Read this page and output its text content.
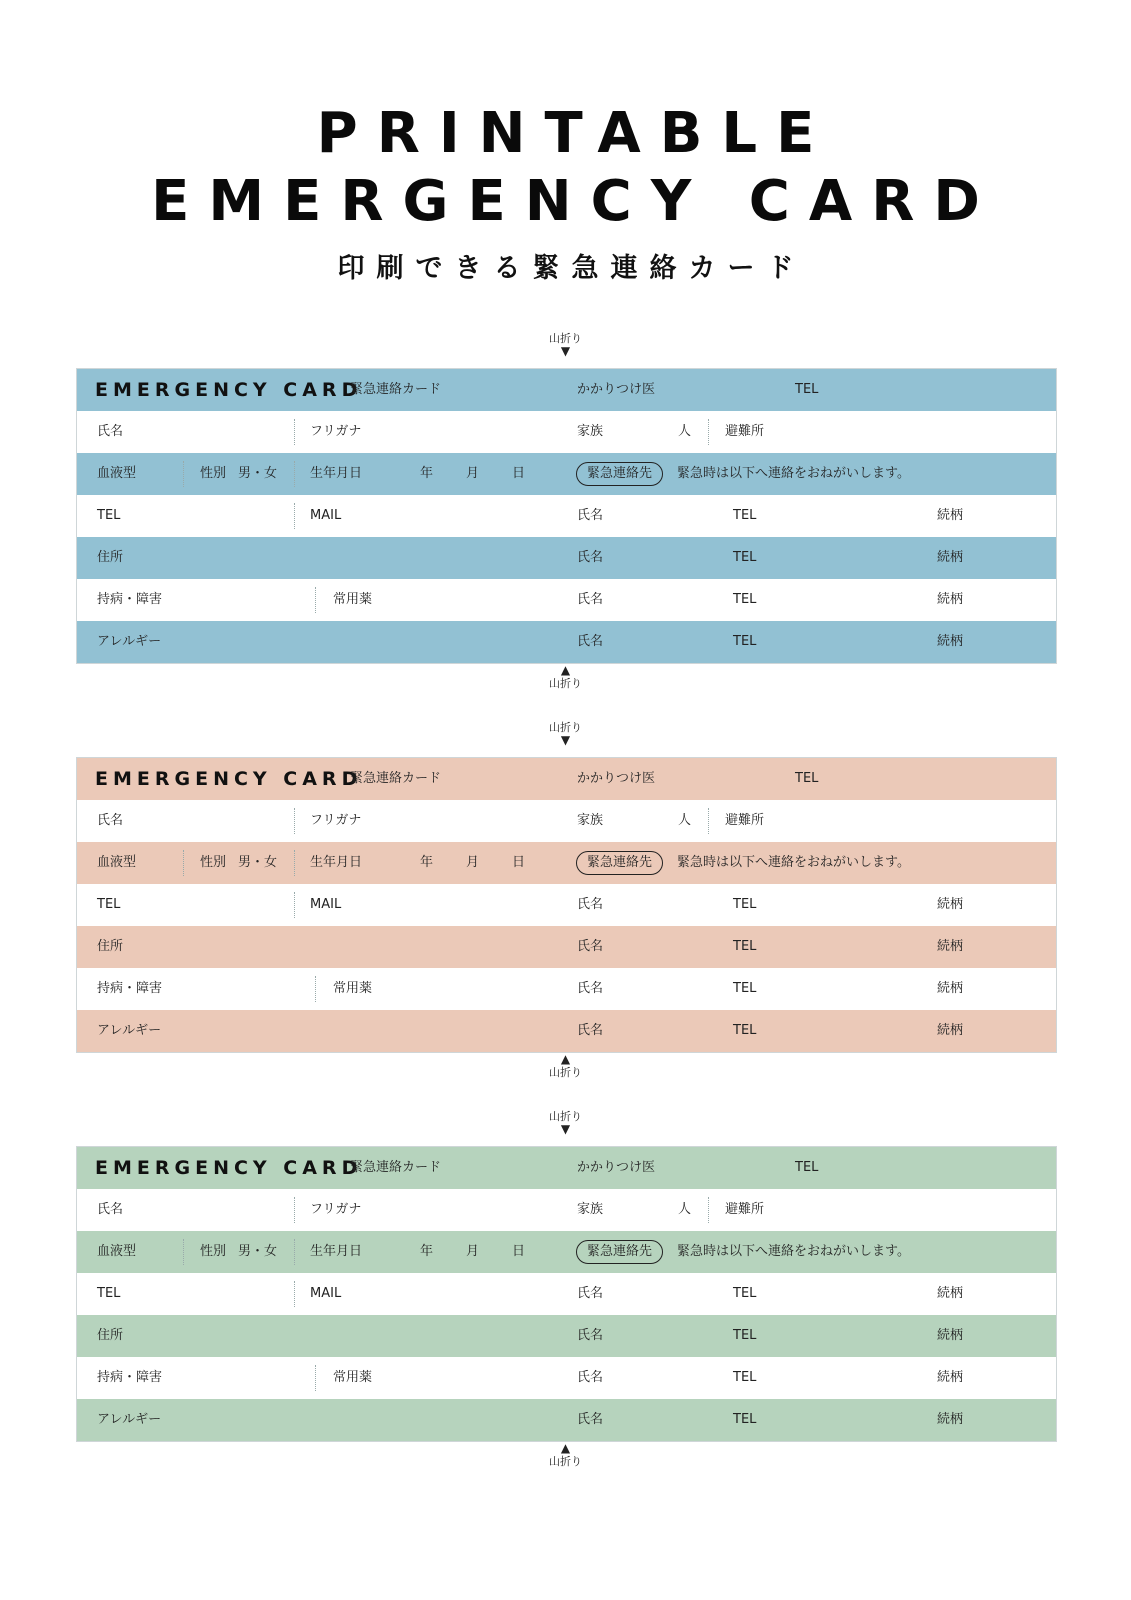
PRINTABLE
EMERGENCY CARD
印刷できる緊急連絡カード
山折り
▼
EMERGENCY CARD
緊急連絡カード	かかりつけ医	TEL
氏名	フリガナ	家族	人	避難所
血液型	性別 男・女	生年月日	年	月	日	緊急連絡先	緊急時は以下へ連絡をおねがいします。
TEL	MAIL	氏名	TEL	続柄
住所	氏名	TEL	続柄
持病・障害	常用薬	氏名	TEL	続柄
アレルギー	氏名	TEL	続柄
▲
山折り
山折り
▼
EMERGENCY CARD
緊急連絡カード	かかりつけ医	TEL
氏名	フリガナ	家族	人	避難所
血液型	性別 男・女	生年月日	年	月	日	緊急連絡先	緊急時は以下へ連絡をおねがいします。
TEL	MAIL	氏名	TEL	続柄
住所	氏名	TEL	続柄
持病・障害	常用薬	氏名	TEL	続柄
アレルギー	氏名	TEL	続柄
▲
山折り
山折り
▼
EMERGENCY CARD
緊急連絡カード	かかりつけ医	TEL
氏名	フリガナ	家族	人	避難所
血液型	性別 男・女	生年月日	年	月	日	緊急連絡先	緊急時は以下へ連絡をおねがいします。
TEL	MAIL	氏名	TEL	続柄
住所	氏名	TEL	続柄
持病・障害	常用薬	氏名	TEL	続柄
アレルギー	氏名	TEL	続柄
▲
山折り
